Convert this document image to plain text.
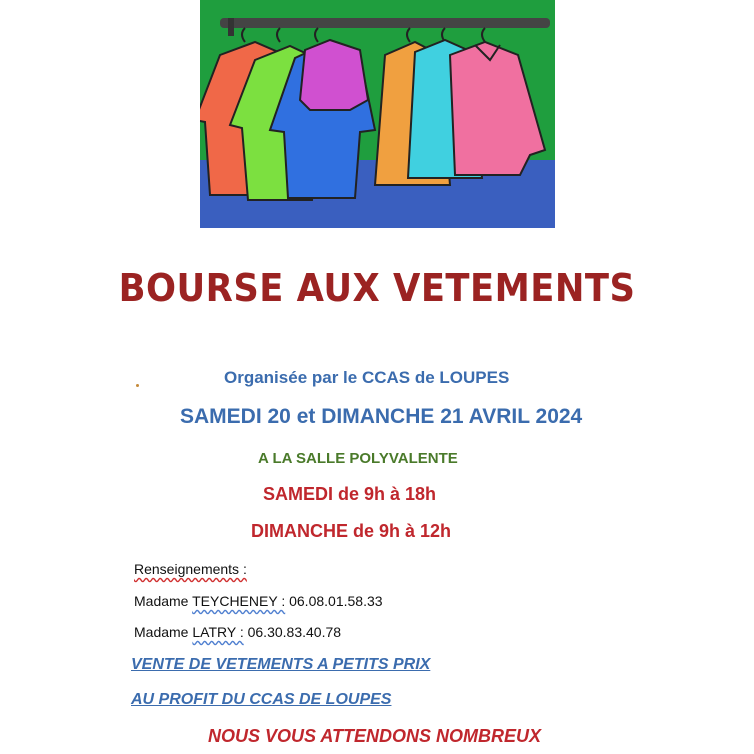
BOURSE AUX VETEMENTS
Organisée par le CCAS de LOUPES
SAMEDI 20 et DIMANCHE 21 AVRIL 2024
A LA SALLE POLYVALENTE
SAMEDI de 9h à 18h
DIMANCHE de 9h à 12h
Renseignements :
Madame TEYCHENEY : 06.08.01.58.33
Madame LATRY : 06.30.83.40.78
VENTE DE VETEMENTS A PETITS PRIX
AU PROFIT DU CCAS DE LOUPES
NOUS VOUS ATTENDONS NOMBREUX
